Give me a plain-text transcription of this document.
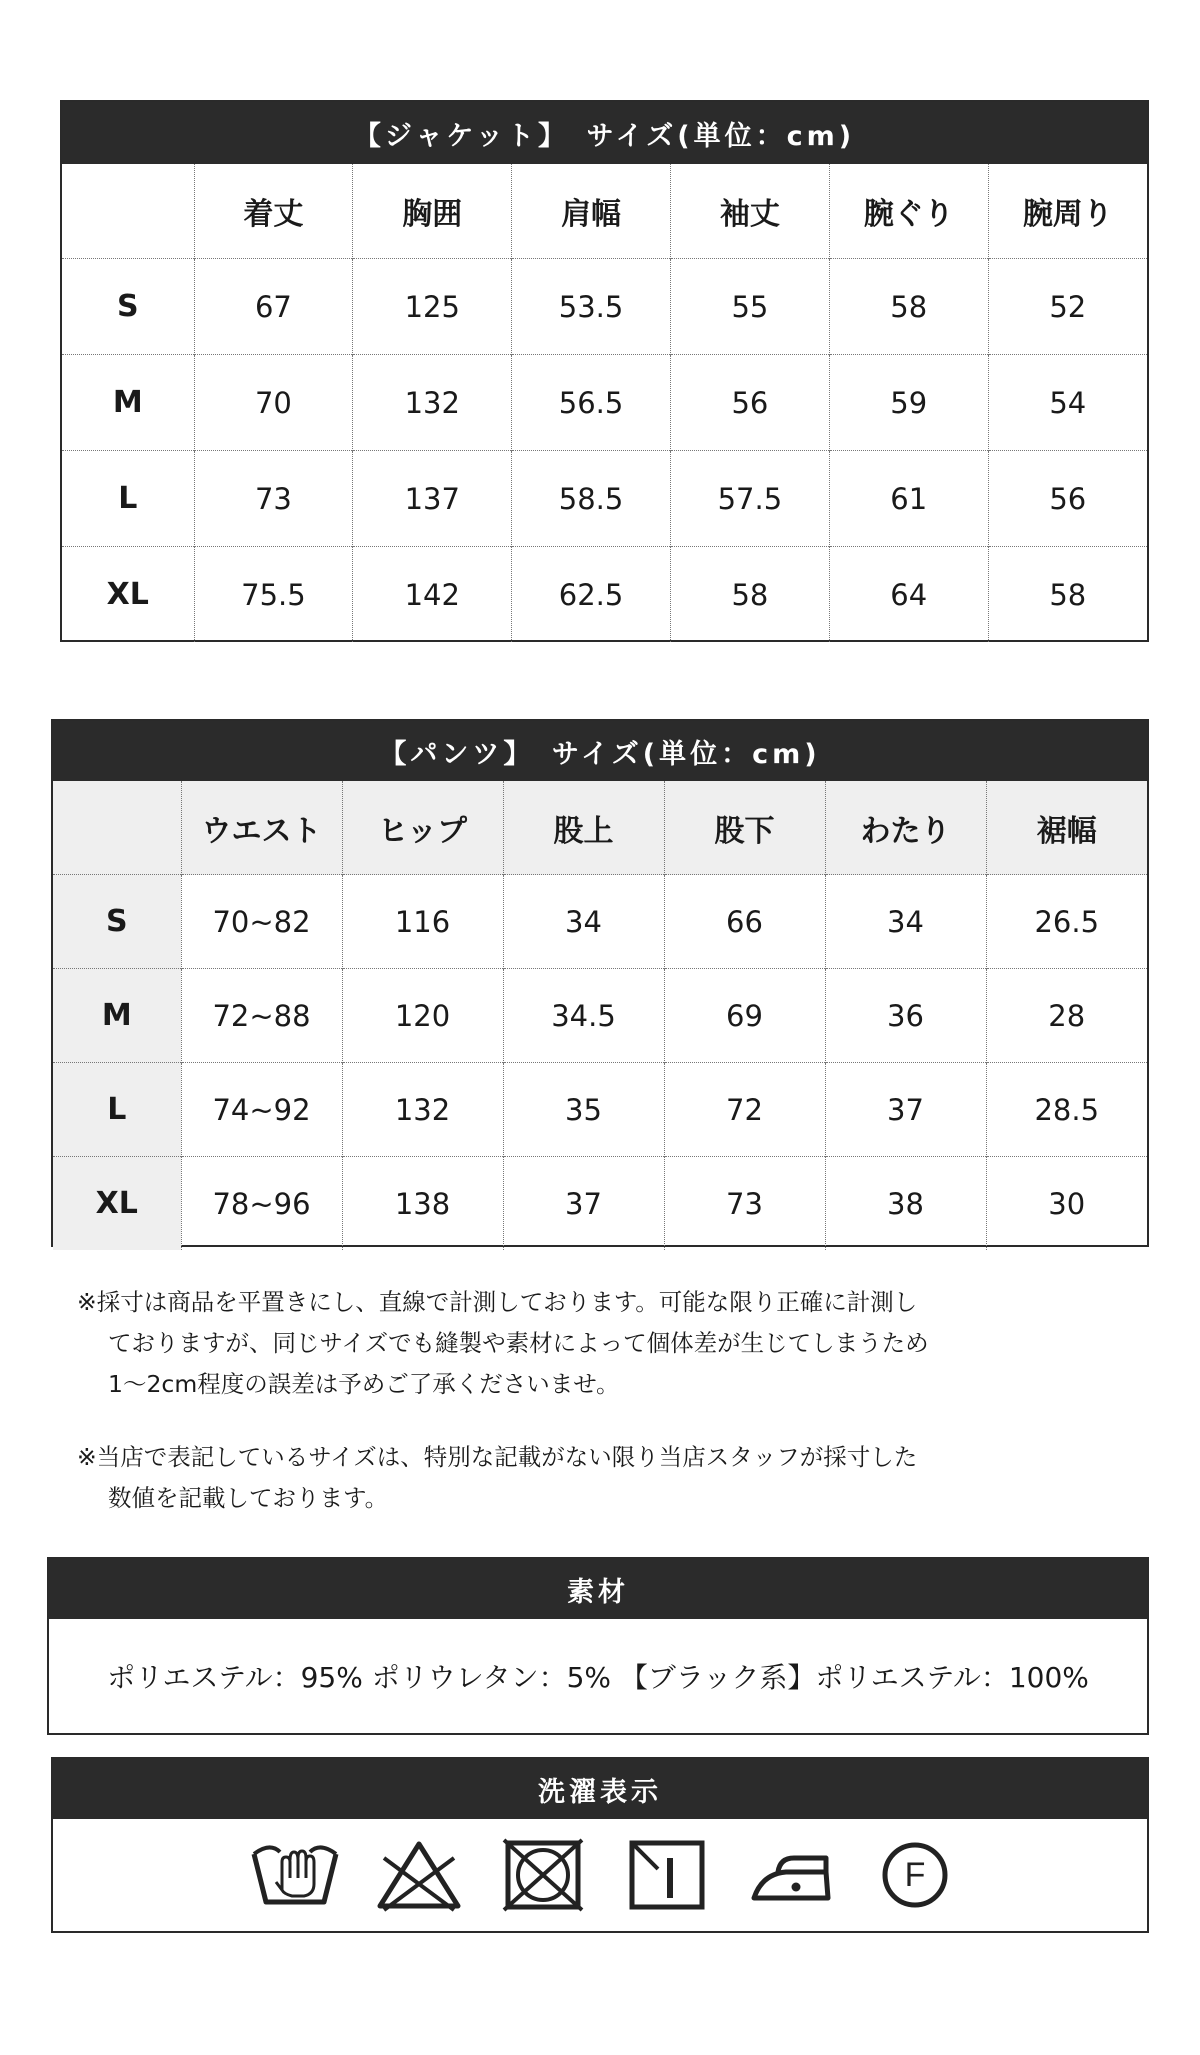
【ジャケット】　サイズ(単位：cm)
	着丈	胸囲	肩幅	袖丈	腕ぐり	腕周り
S	67	125	53.5	55	58	52
M	70	132	56.5	56	59	54
L	73	137	58.5	57.5	61	56
XL	75.5	142	62.5	58	64	58
【パンツ】　サイズ(単位：cm)
	ウエスト	ヒップ	股上	股下	わたり	裾幅
S	70~82	116	34	66	34	26.5
M	72~88	120	34.5	69	36	28
L	74~92	132	35	72	37	28.5
XL	78~96	138	37	73	38	30
※採寸は商品を平置きにし、直線で計測しております。可能な限り正確に計測し
ておりますが、同じサイズでも縫製や素材によって個体差が生じてしまうため
1～2cm程度の誤差は予めご了承くださいませ。
※当店で表記しているサイズは、特別な記載がない限り当店スタッフが採寸した
数値を記載しております。
素材
ポリエステル：95% ポリウレタン：5% 【ブラック系】ポリエステル：100%
洗濯表示
F
